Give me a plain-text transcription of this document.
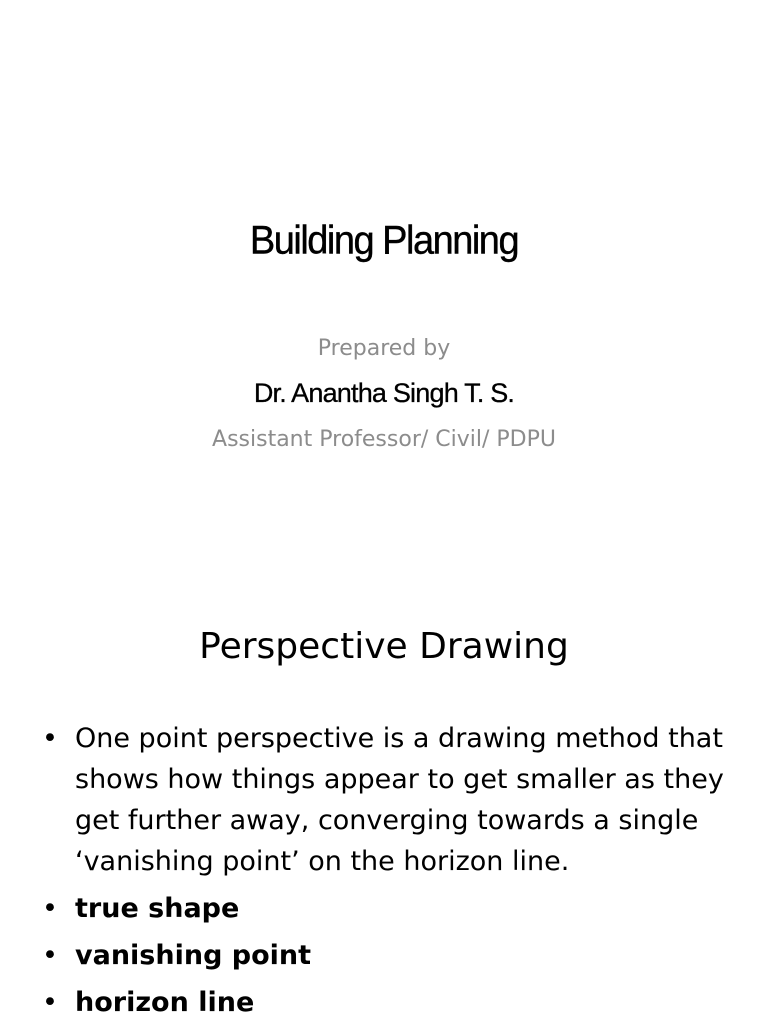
Building Planning
Prepared by
Dr. Anantha Singh T. S.
Assistant Professor/ Civil/ PDPU
Perspective Drawing
• One point perspective is a drawing method that shows how things appear to get smaller as they get further away, converging towards a single ‘vanishing point’ on the horizon line.
• true shape
• vanishing point
• horizon line
